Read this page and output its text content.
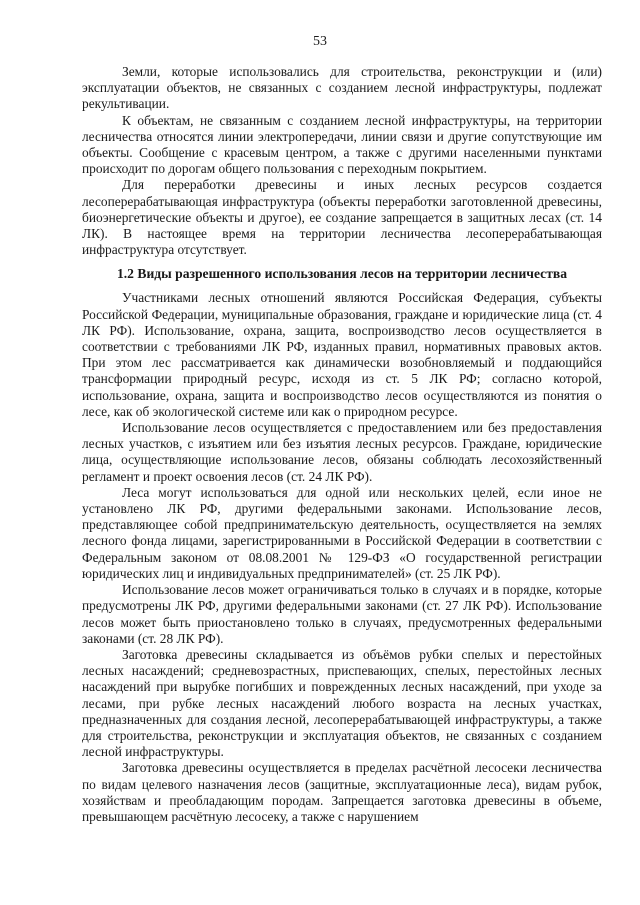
53

Земли, которые использовались для строительства, реконструкции и (или) эксплуатации объектов, не связанных с созданием лесной инфраструктуры, подлежат рекультивации.

К объектам, не связанным с созданием лесной инфраструктуры, на территории лесничества относятся линии электропередачи, линии связи и другие сопутствующие им объекты. Сообщение с красевым центром, а также с другими населенными пунктами происходит по дорогам общего пользования с переходным покрытием.

Для переработки древесины и иных лесных ресурсов создается лесоперерабатывающая инфраструктура (объекты переработки заготовленной древесины, биоэнергетические объекты и другое), ее создание запрещается в защитных лесах (ст. 14 ЛК). В настоящее время на территории лесничества лесоперерабатывающая инфраструктура отсутствует.

1.2 Виды разрешенного использования лесов на территории лесничества

Участниками лесных отношений являются Российская Федерация, субъекты Российской Федерации, муниципальные образования, граждане и юридические лица (ст. 4 ЛК РФ). Использование, охрана, защита, воспроизводство лесов осуществляется в соответствии с требованиями ЛК РФ, изданных правил, нормативных правовых актов. При этом лес рассматривается как динамически возобновляемый и поддающийся трансформации природный ресурс, исходя из ст. 5 ЛК РФ; согласно которой, использование, охрана, защита и воспроизводство лесов осуществляются из понятия о лесе, как об экологической системе или как о природном ресурсе.

Использование лесов осуществляется с предоставлением или без предоставления лесных участков, с изъятием или без изъятия лесных ресурсов. Граждане, юридические лица, осуществляющие использование лесов, обязаны соблюдать лесохозяйственный регламент и проект освоения лесов (ст. 24 ЛК РФ).

Леса могут использоваться для одной или нескольких целей, если иное не установлено ЛК РФ, другими федеральными законами. Использование лесов, представляющее собой предпринимательскую деятельность, осуществляется на землях лесного фонда лицами, зарегистрированными в Российской Федерации в соответствии с Федеральным законом от 08.08.2001 № 129-ФЗ «О государственной регистрации юридических лиц и индивидуальных предпринимателей» (ст. 25 ЛК РФ).

Использование лесов может ограничиваться только в случаях и в порядке, которые предусмотрены ЛК РФ, другими федеральными законами (ст. 27 ЛК РФ). Использование лесов может быть приостановлено только в случаях, предусмотренных федеральными законами (ст. 28 ЛК РФ).

Заготовка древесины складывается из объёмов рубки спелых и перестойных лесных насаждений; средневозрастных, приспевающих, спелых, перестойных лесных насаждений при вырубке погибших и поврежденных лесных насаждений, при уходе за лесами, при рубке лесных насаждений любого возраста на лесных участках, предназначенных для создания лесной, лесоперерабатывающей инфраструктуры, а также для строительства, реконструкции и эксплуатация объектов, не связанных с созданием лесной инфраструктуры.

Заготовка древесины осуществляется в пределах расчётной лесосеки лесничества по видам целевого назначения лесов (защитные, эксплуатационные леса), видам рубок, хозяйствам и преобладающим породам. Запрещается заготовка древесины в объеме, превышающем расчётную лесосеку, а также с нарушением
